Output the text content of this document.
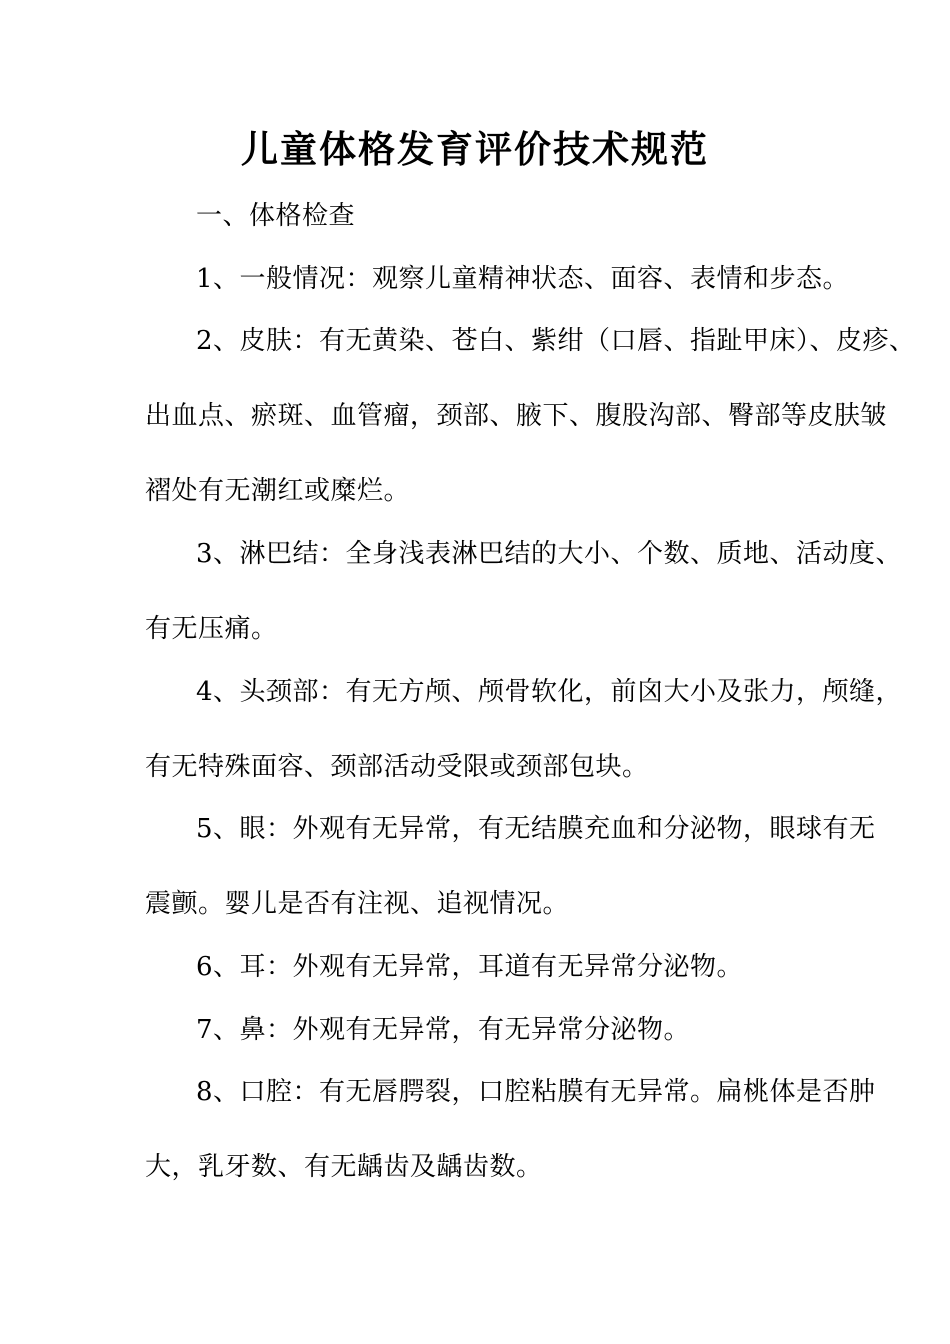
儿童体格发育评价技术规范
一、体格检查
1、一般情况：观察儿童精神状态、面容、表情和步态。
2、皮肤：有无黄染、苍白、紫绀（口唇、指趾甲床）、皮疹、
出血点、瘀斑、血管瘤，颈部、腋下、腹股沟部、臀部等皮肤皱
褶处有无潮红或糜烂。
3、淋巴结：全身浅表淋巴结的大小、个数、质地、活动度、
有无压痛。
4、头颈部：有无方颅、颅骨软化，前囟大小及张力，颅缝，
有无特殊面容、颈部活动受限或颈部包块。
5、眼：外观有无异常，有无结膜充血和分泌物，眼球有无
震颤。婴儿是否有注视、追视情况。
6、耳：外观有无异常，耳道有无异常分泌物。
7、鼻：外观有无异常，有无异常分泌物。
8、口腔：有无唇腭裂，口腔粘膜有无异常。扁桃体是否肿
大，乳牙数、有无龋齿及龋齿数。
